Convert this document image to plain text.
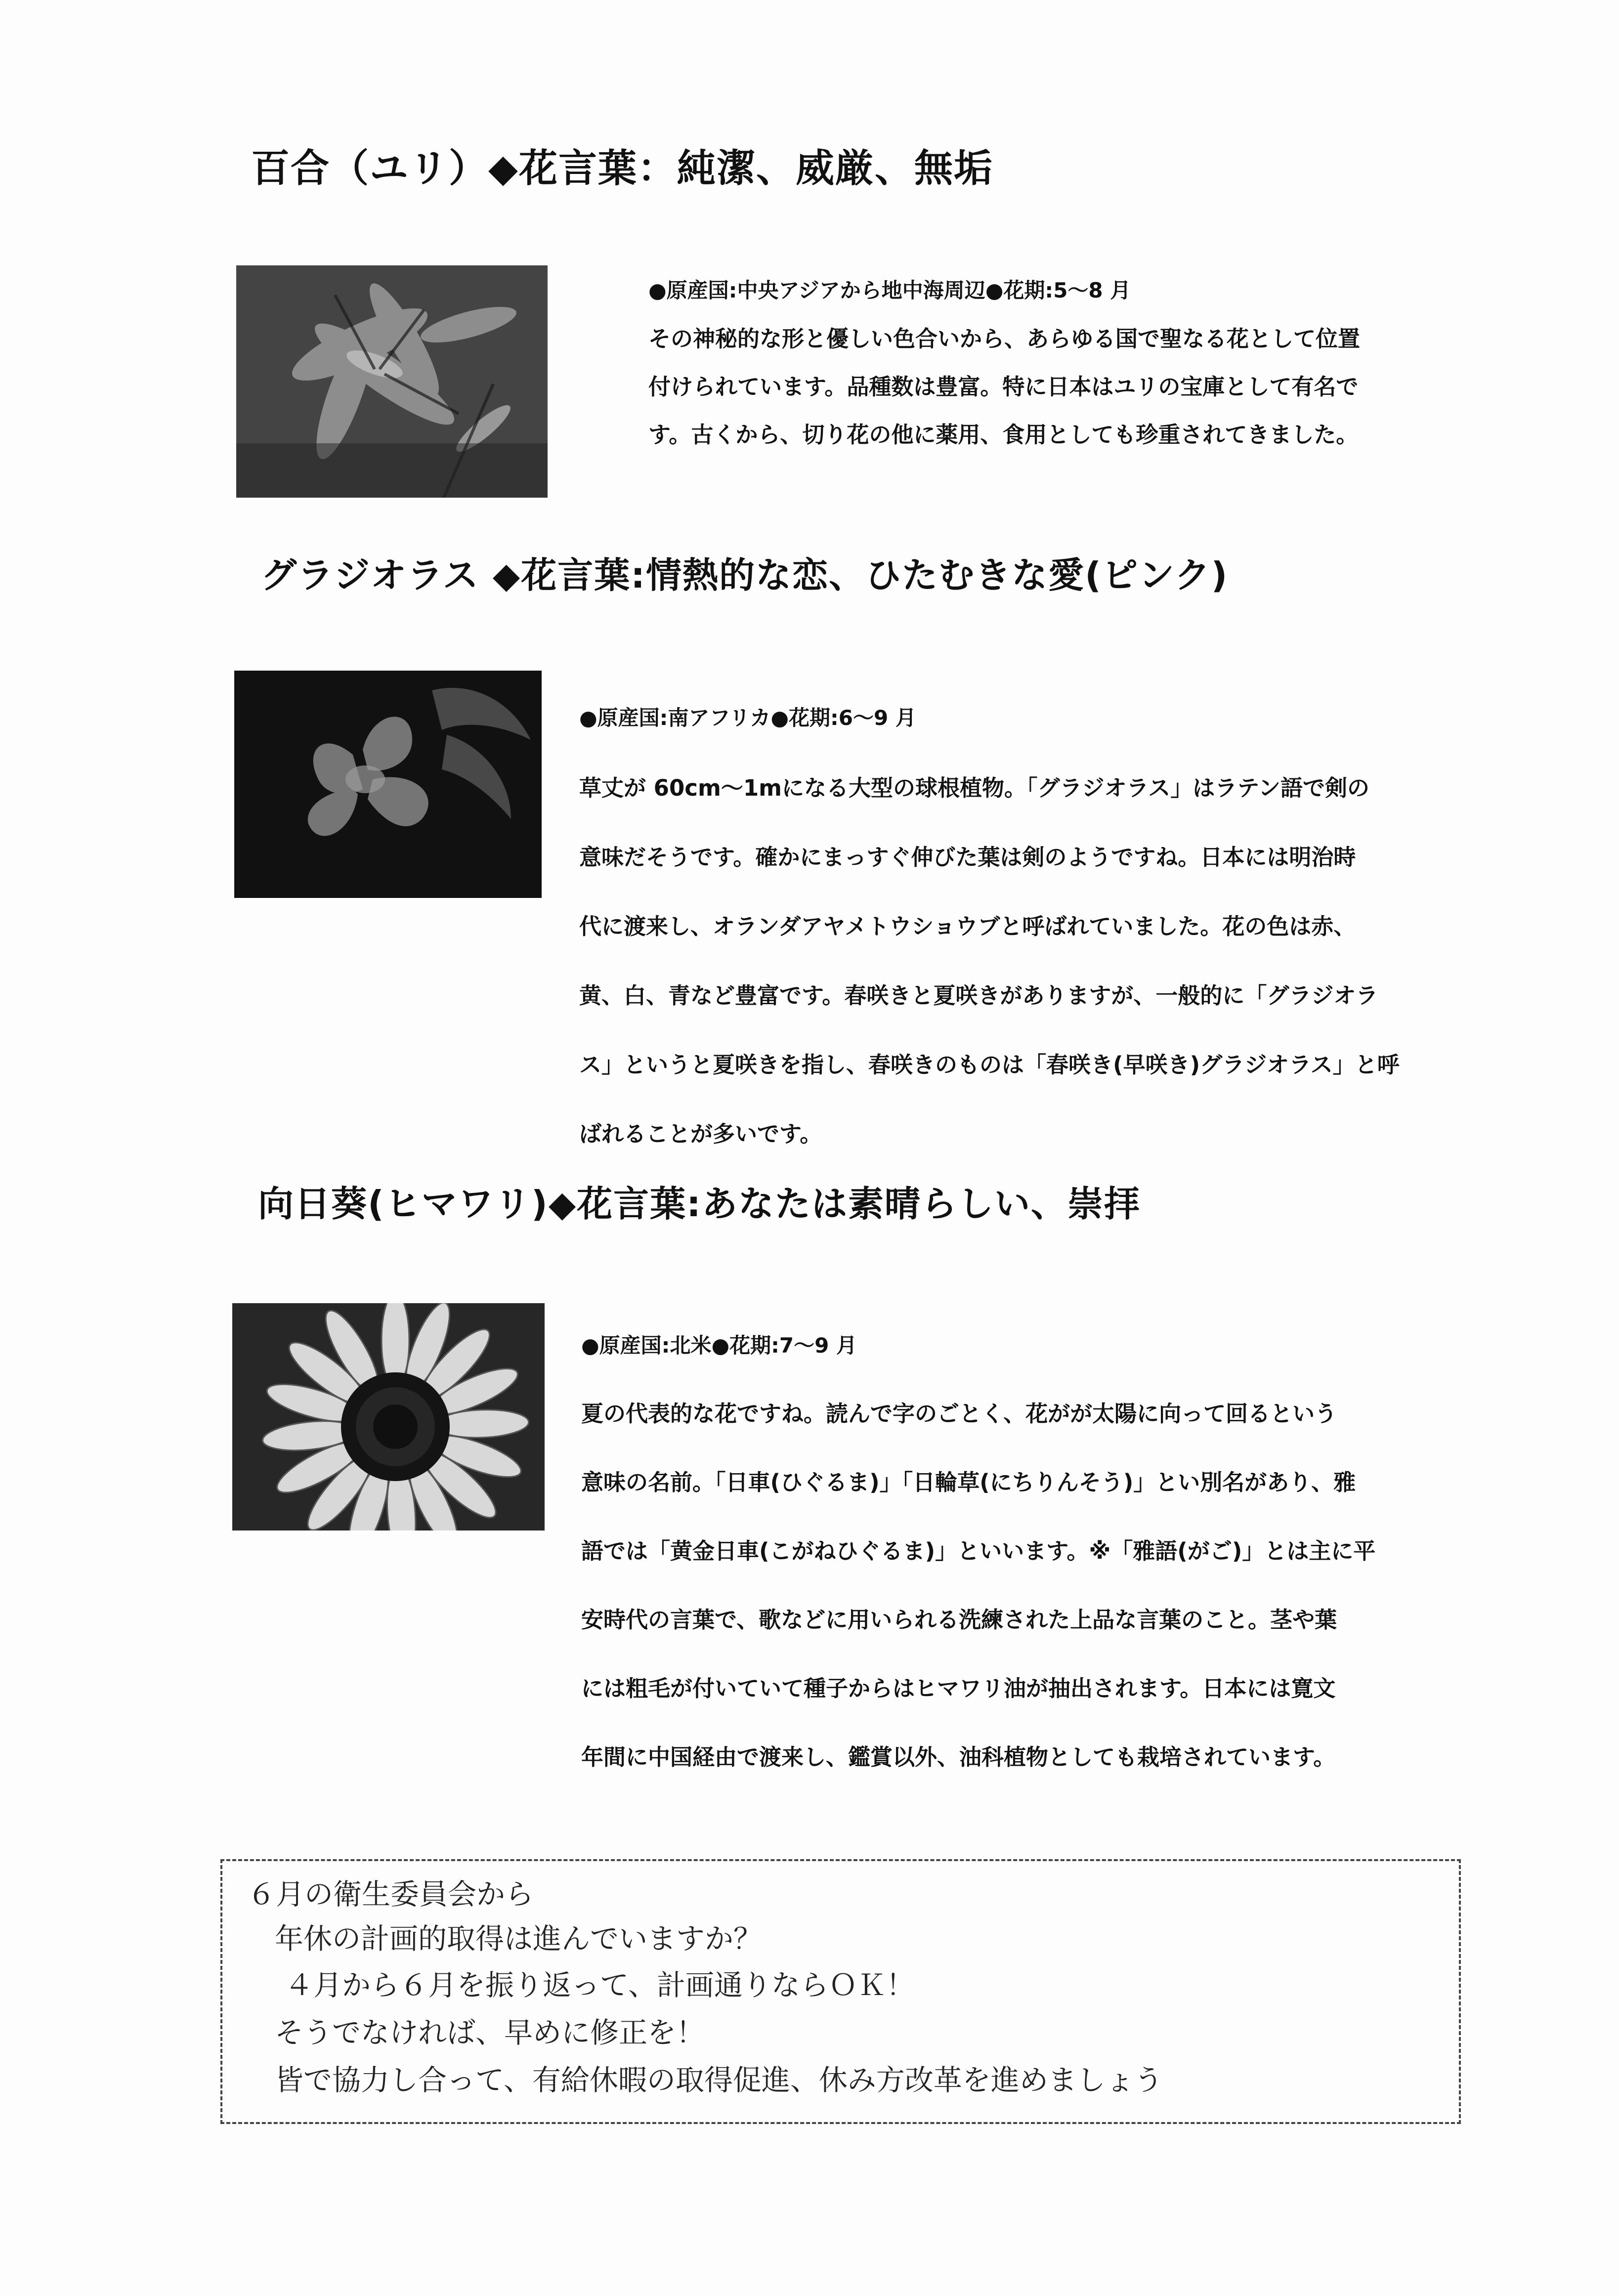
百合（ユリ）◆花言葉：純潔、威厳、無垢
●原産国:中央アジアから地中海周辺●花期:5～8 月
その神秘的な形と優しい色合いから、あらゆる国で聖なる花として位置
付けられています。品種数は豊富。特に日本はユリの宝庫として有名で
す。古くから、切り花の他に薬用、食用としても珍重されてきました。
グラジオラス ◆花言葉:情熱的な恋、ひたむきな愛(ピンク)
●原産国:南アフリカ●花期:6～9 月
草丈が 60cm～1mになる大型の球根植物。「グラジオラス」はラテン語で剣の
意味だそうです。確かにまっすぐ伸びた葉は剣のようですね。日本には明治時
代に渡来し、オランダアヤメトウショウブと呼ばれていました。花の色は赤、
黄、白、青など豊富です。春咲きと夏咲きがありますが、一般的に「グラジオラ
ス」というと夏咲きを指し、春咲きのものは「春咲き(早咲き)グラジオラス」と呼
ばれることが多いです。
向日葵(ヒマワリ)◆花言葉:あなたは素晴らしい、崇拝
●原産国:北米●花期:7～9 月
夏の代表的な花ですね。読んで字のごとく、花がが太陽に向って回るという
意味の名前。「日車(ひぐるま)」「日輪草(にちりんそう)」とい別名があり、雅
語では「黄金日車(こがねひぐるま)」といいます。※「雅語(がご)」とは主に平
安時代の言葉で、歌などに用いられる洗練された上品な言葉のこと。茎や葉
には粗毛が付いていて種子からはヒマワリ油が抽出されます。日本には寛文
年間に中国経由で渡来し、鑑賞以外、油科植物としても栽培されています。
６月の衛生委員会から
年休の計画的取得は進んでいますか？
４月から６月を振り返って、計画通りならＯＫ！
そうでなければ、早めに修正を！
皆で協力し合って、有給休暇の取得促進、休み方改革を進めましょう
